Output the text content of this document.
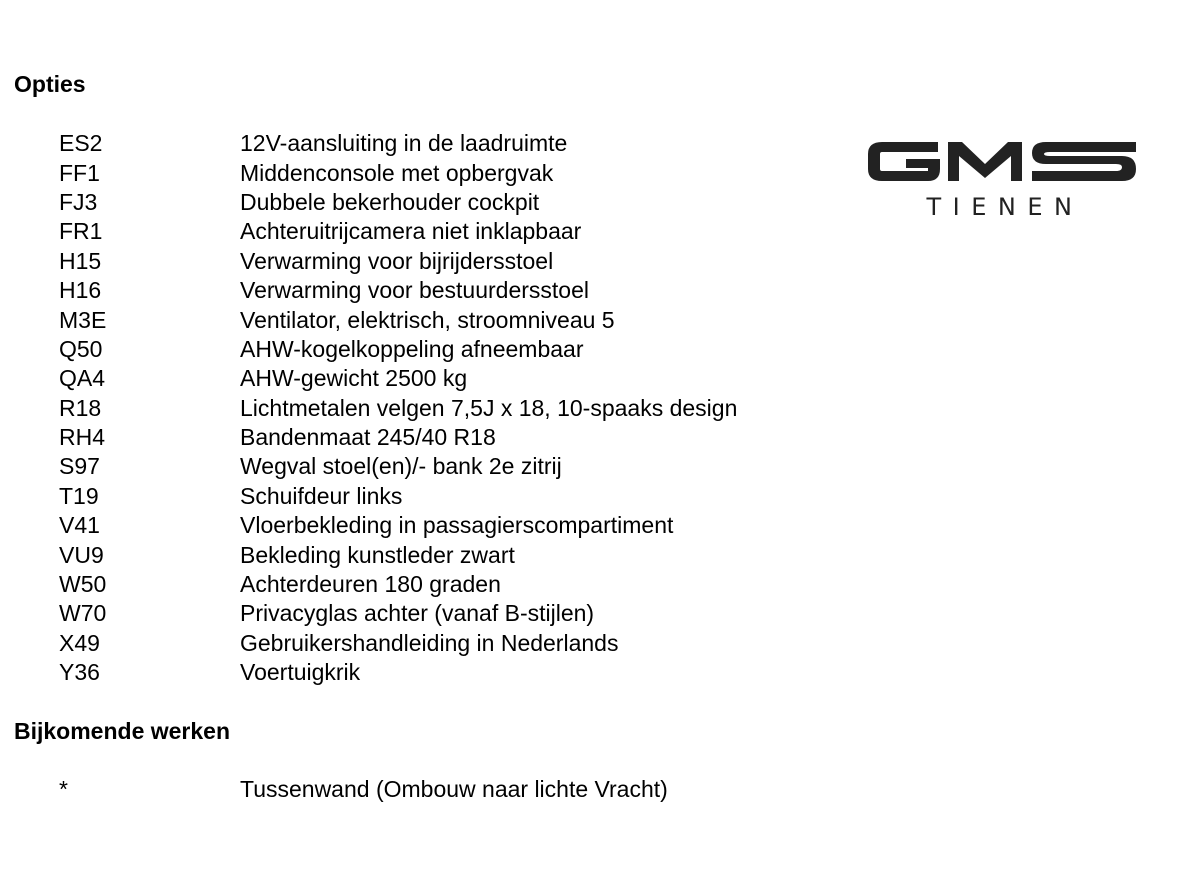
Opties
ES2	12V-aansluiting in de laadruimte
FF1	Middenconsole met opbergvak
FJ3	Dubbele bekerhouder cockpit
FR1	Achteruitrijcamera niet inklapbaar
H15	Verwarming voor bijrijdersstoel
H16	Verwarming voor bestuurdersstoel
M3E	Ventilator, elektrisch, stroomniveau 5
Q50	AHW-kogelkoppeling afneembaar
QA4	AHW-gewicht 2500 kg
R18	Lichtmetalen velgen 7,5J x 18, 10-spaaks design
RH4	Bandenmaat 245/40 R18
S97	Wegval stoel(en)/- bank 2e zitrij
T19	Schuifdeur links
V41	Vloerbekleding in passagierscompartiment
VU9	Bekleding kunstleder zwart
W50	Achterdeuren 180 graden
W70	Privacyglas achter (vanaf B-stijlen)
X49	Gebruikershandleiding in Nederlands
Y36	Voertuigkrik
Bijkomende werken
*	Tussenwand (Ombouw naar lichte Vracht)
TIENEN
